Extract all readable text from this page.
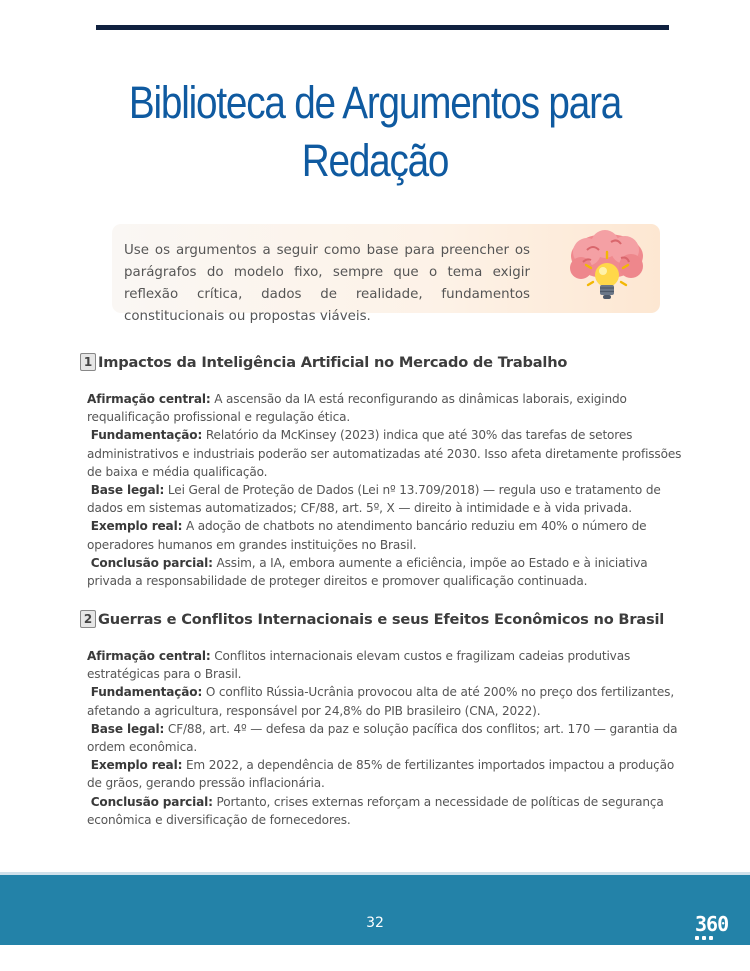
Biblioteca de Argumentos para Redação

Use os argumentos a seguir como base para preencher os parágrafos do modelo fixo, sempre que o tema exigir reflexão crítica, dados de realidade, fundamentos constitucionais ou propostas viáveis.

1 Impactos da Inteligência Artificial no Mercado de Trabalho

Afirmação central: A ascensão da IA está reconfigurando as dinâmicas laborais, exigindo requalificação profissional e regulação ética.

Fundamentação: Relatório da McKinsey (2023) indica que até 30% das tarefas de setores administrativos e industriais poderão ser automatizadas até 2030. Isso afeta diretamente profissões de baixa e média qualificação.

Base legal: Lei Geral de Proteção de Dados (Lei nº 13.709/2018) — regula uso e tratamento de dados em sistemas automatizados; CF/88, art. 5º, X — direito à intimidade e à vida privada.

Exemplo real: A adoção de chatbots no atendimento bancário reduziu em 40% o número de operadores humanos em grandes instituições no Brasil.

Conclusão parcial: Assim, a IA, embora aumente a eficiência, impõe ao Estado e à iniciativa privada a responsabilidade de proteger direitos e promover qualificação continuada.

2 Guerras e Conflitos Internacionais e seus Efeitos Econômicos no Brasil

Afirmação central: Conflitos internacionais elevam custos e fragilizam cadeias produtivas estratégicas para o Brasil.

Fundamentação: O conflito Rússia-Ucrânia provocou alta de até 200% no preço dos fertilizantes, afetando a agricultura, responsável por 24,8% do PIB brasileiro (CNA, 2022).

Base legal: CF/88, art. 4º — defesa da paz e solução pacífica dos conflitos; art. 170 — garantia da ordem econômica.

Exemplo real: Em 2022, a dependência de 85% de fertilizantes importados impactou a produção de grãos, gerando pressão inflacionária.

Conclusão parcial: Portanto, crises externas reforçam a necessidade de políticas de segurança econômica e diversificação de fornecedores.

32	360
